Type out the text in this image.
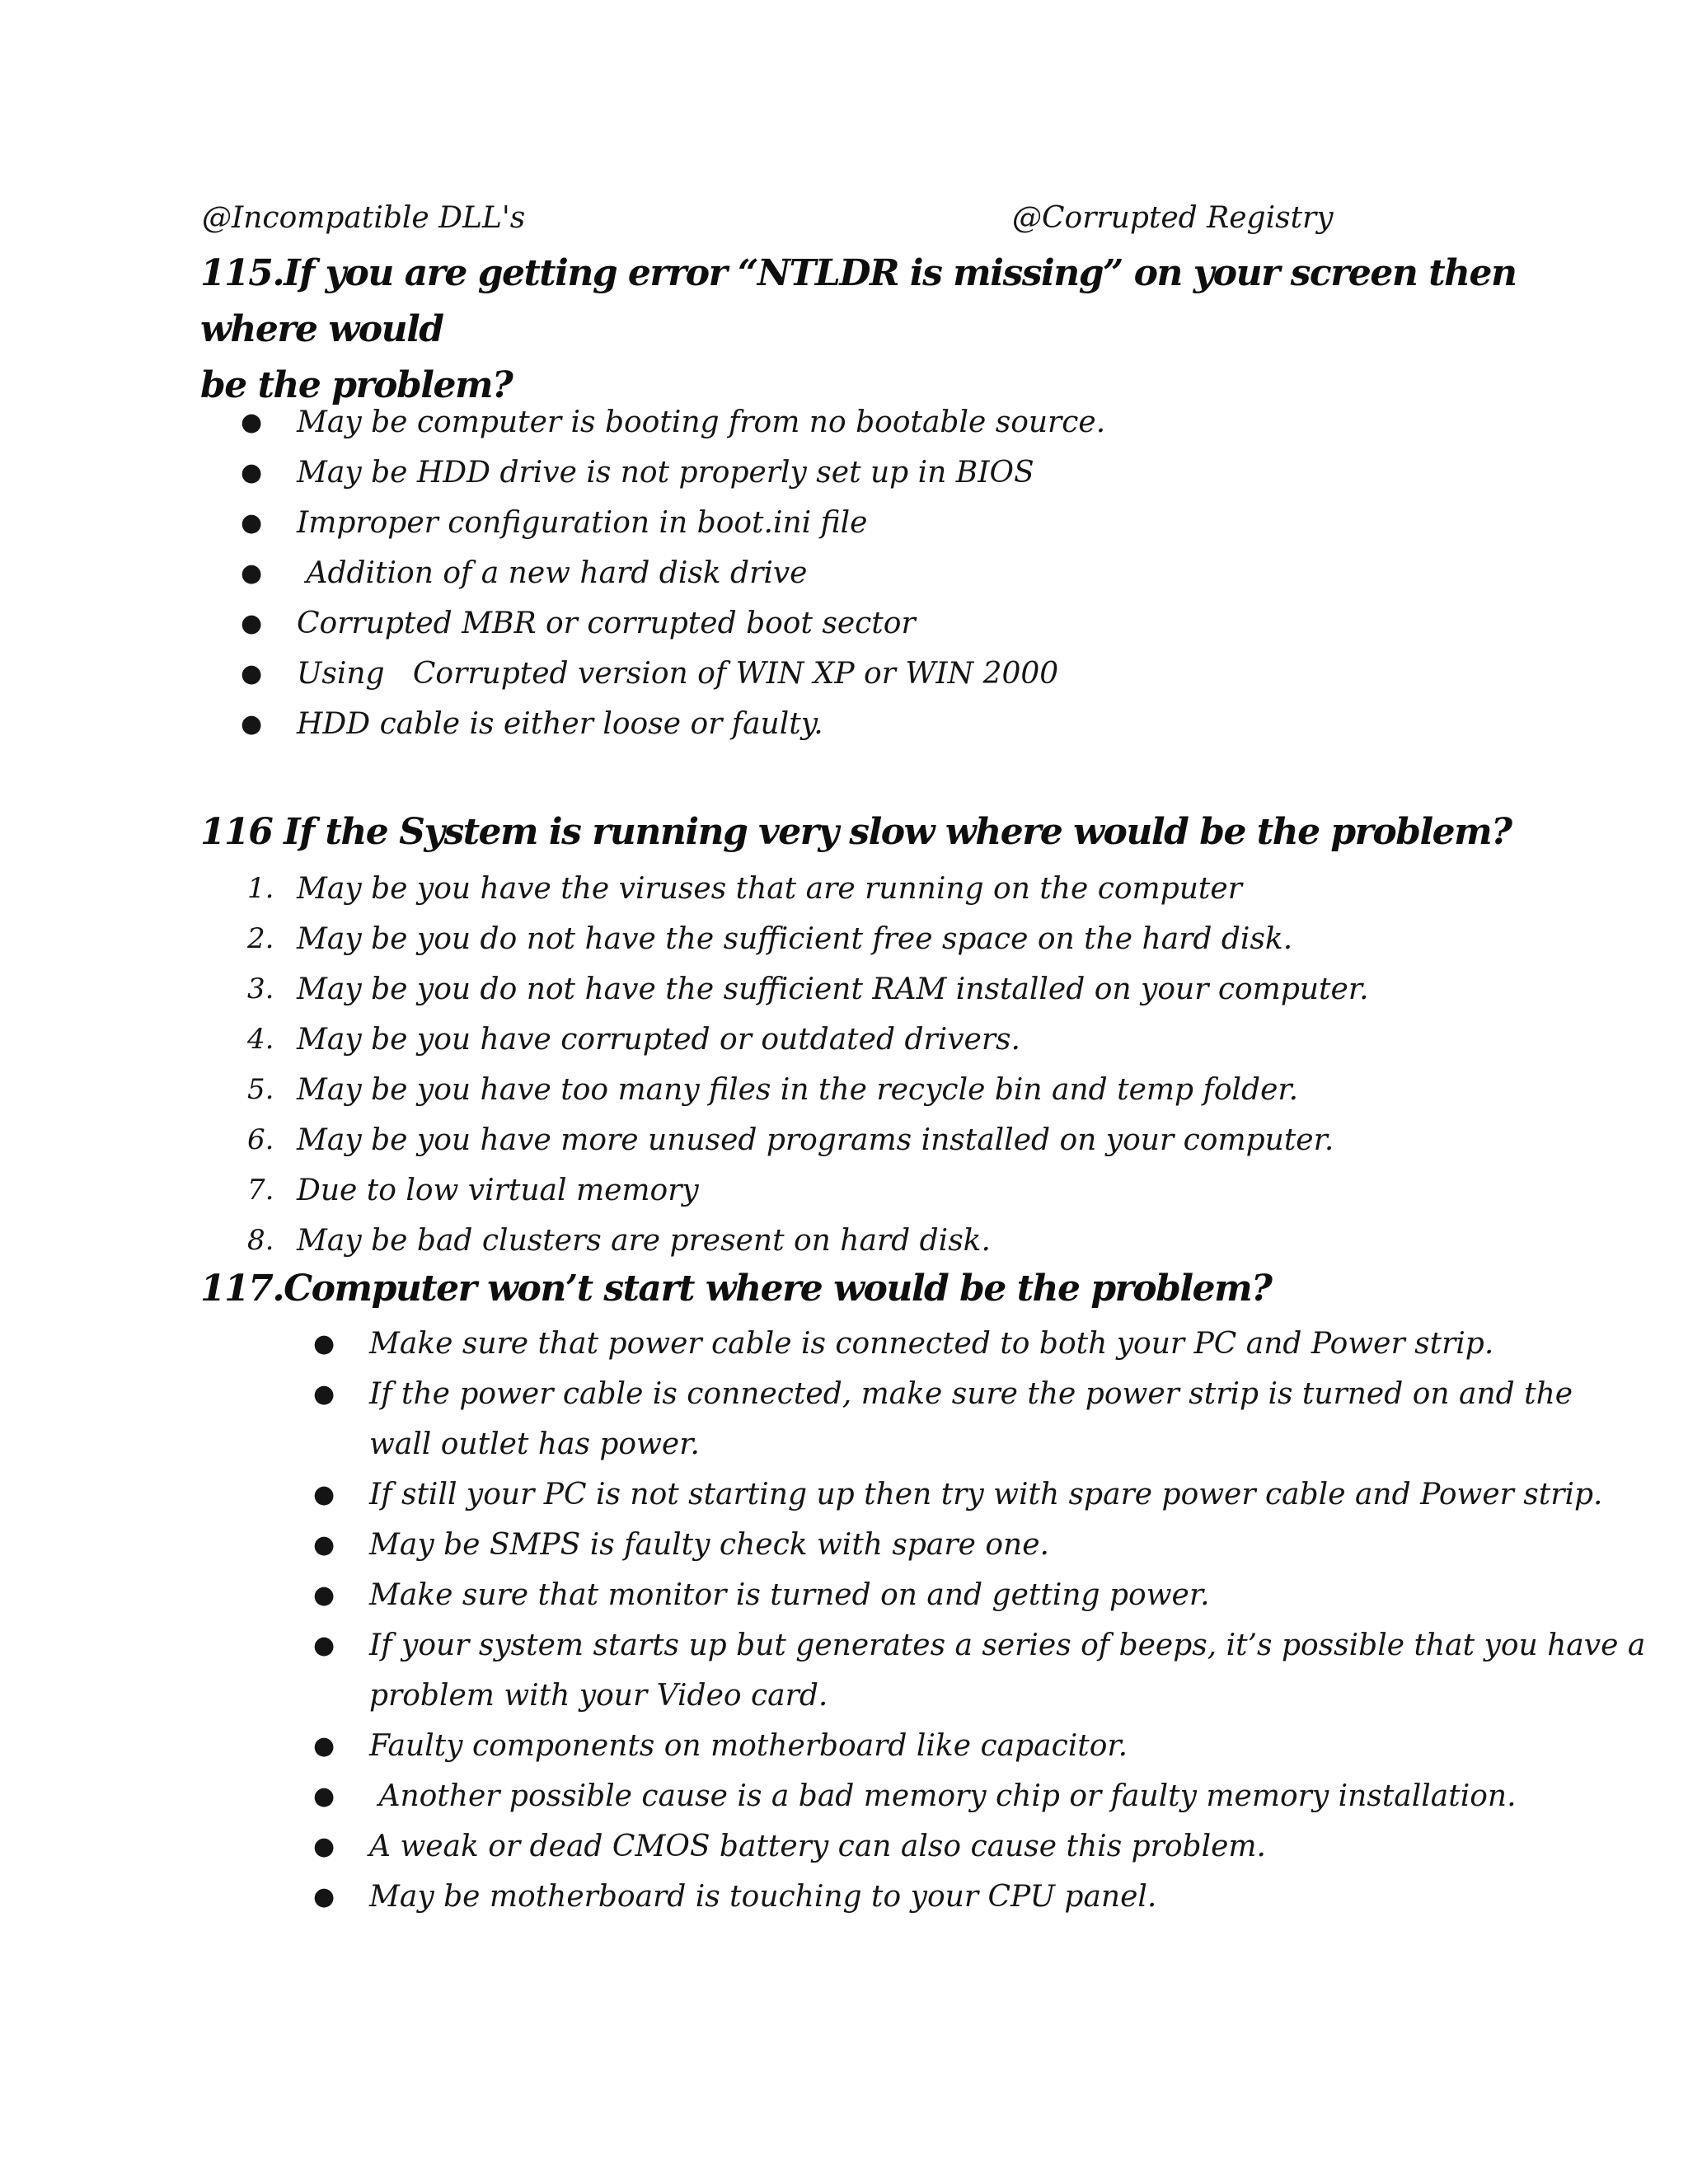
@Incompatible DLL's	@Corrupted Registry
115.If you are getting error “NTLDR is missing” on your screen then where would
be the problem?
● May be computer is booting from no bootable source.
● May be HDD drive is not properly set up in BIOS
● Improper configuration in boot.ini file
● Addition of a new hard disk drive
● Corrupted MBR or corrupted boot sector
● Using   Corrupted version of WIN XP or WIN 2000
● HDD cable is either loose or faulty.
116 If the System is running very slow where would be the problem?
1. May be you have the viruses that are running on the computer
2. May be you do not have the sufficient free space on the hard disk.
3. May be you do not have the sufficient RAM installed on your computer.
4. May be you have corrupted or outdated drivers.
5. May be you have too many files in the recycle bin and temp folder.
6. May be you have more unused programs installed on your computer.
7. Due to low virtual memory
8. May be bad clusters are present on hard disk.
117.Computer won’t start where would be the problem?
● Make sure that power cable is connected to both your PC and Power strip.
● If the power cable is connected, make sure the power strip is turned on and the
wall outlet has power.
● If still your PC is not starting up then try with spare power cable and Power strip.
● May be SMPS is faulty check with spare one.
● Make sure that monitor is turned on and getting power.
● If your system starts up but generates a series of beeps, it’s possible that you have a
problem with your Video card.
● Faulty components on motherboard like capacitor.
● Another possible cause is a bad memory chip or faulty memory installation.
● A weak or dead CMOS battery can also cause this problem.
● May be motherboard is touching to your CPU panel.
